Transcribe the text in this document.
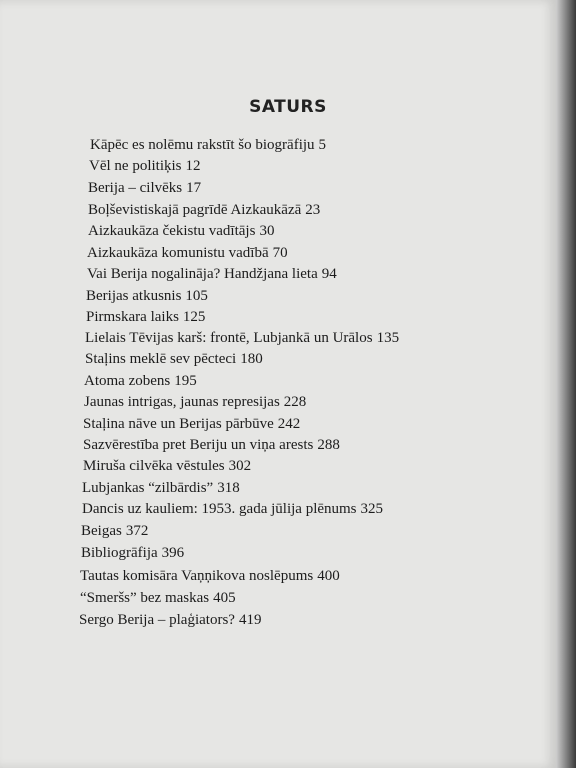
SATURS
Kāpēc es nolēmu rakstīt šo biogrāfiju 5
Vēl ne politiķis 12
Berija – cilvēks 17
Boļševistiskajā pagrīdē Aizkaukāzā 23
Aizkaukāza čekistu vadītājs 30
Aizkaukāza komunistu vadībā 70
Vai Berija nogalināja? Handžjana lieta 94
Berijas atkusnis 105
Pirmskara laiks 125
Lielais Tēvijas karš: frontē, Lubjankā un Urālos 135
Staļins meklē sev pēcteci 180
Atoma zobens 195
Jaunas intrigas, jaunas represijas 228
Staļina nāve un Berijas pārbūve 242
Sazvērestība pret Beriju un viņa arests 288
Miruša cilvēka vēstules 302
Lubjankas “zilbārdis” 318
Dancis uz kauliem: 1953. gada jūlija plēnums 325
Beigas 372
Bibliogrāfija 396
Tautas komisāra Vaņņikova noslēpums 400
“Smeršs” bez maskas 405
Sergo Berija – plaģiators? 419
